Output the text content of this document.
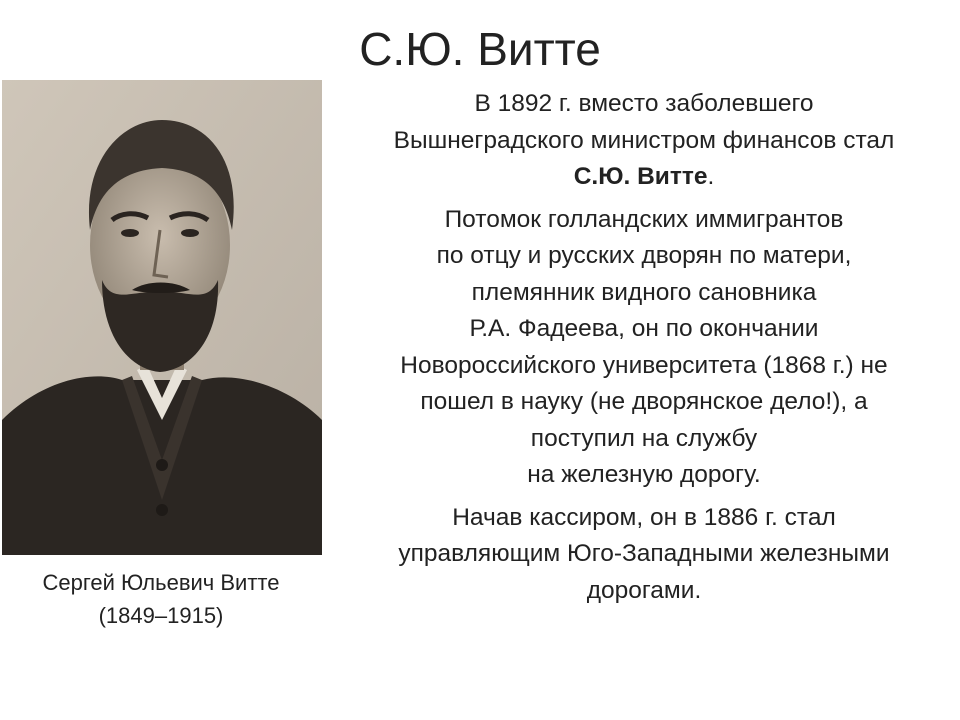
С.Ю. Витте
Сергей Юльевич Витте
(1849–1915)

В 1892 г. вместо заболевшего
Вышнеградского министром финансов стал
С.Ю. Витте.

Потомок голландских иммигрантов
по отцу и русских дворян по матери,
племянник видного сановника
Р.А. Фадеева, он по окончании
Новороссийского университета (1868 г.) не
пошел в науку (не дворянское дело!), а
поступил на службу
на железную дорогу.

Начав кассиром, он в 1886 г. стал
управляющим Юго-Западными железными
дорогами.
